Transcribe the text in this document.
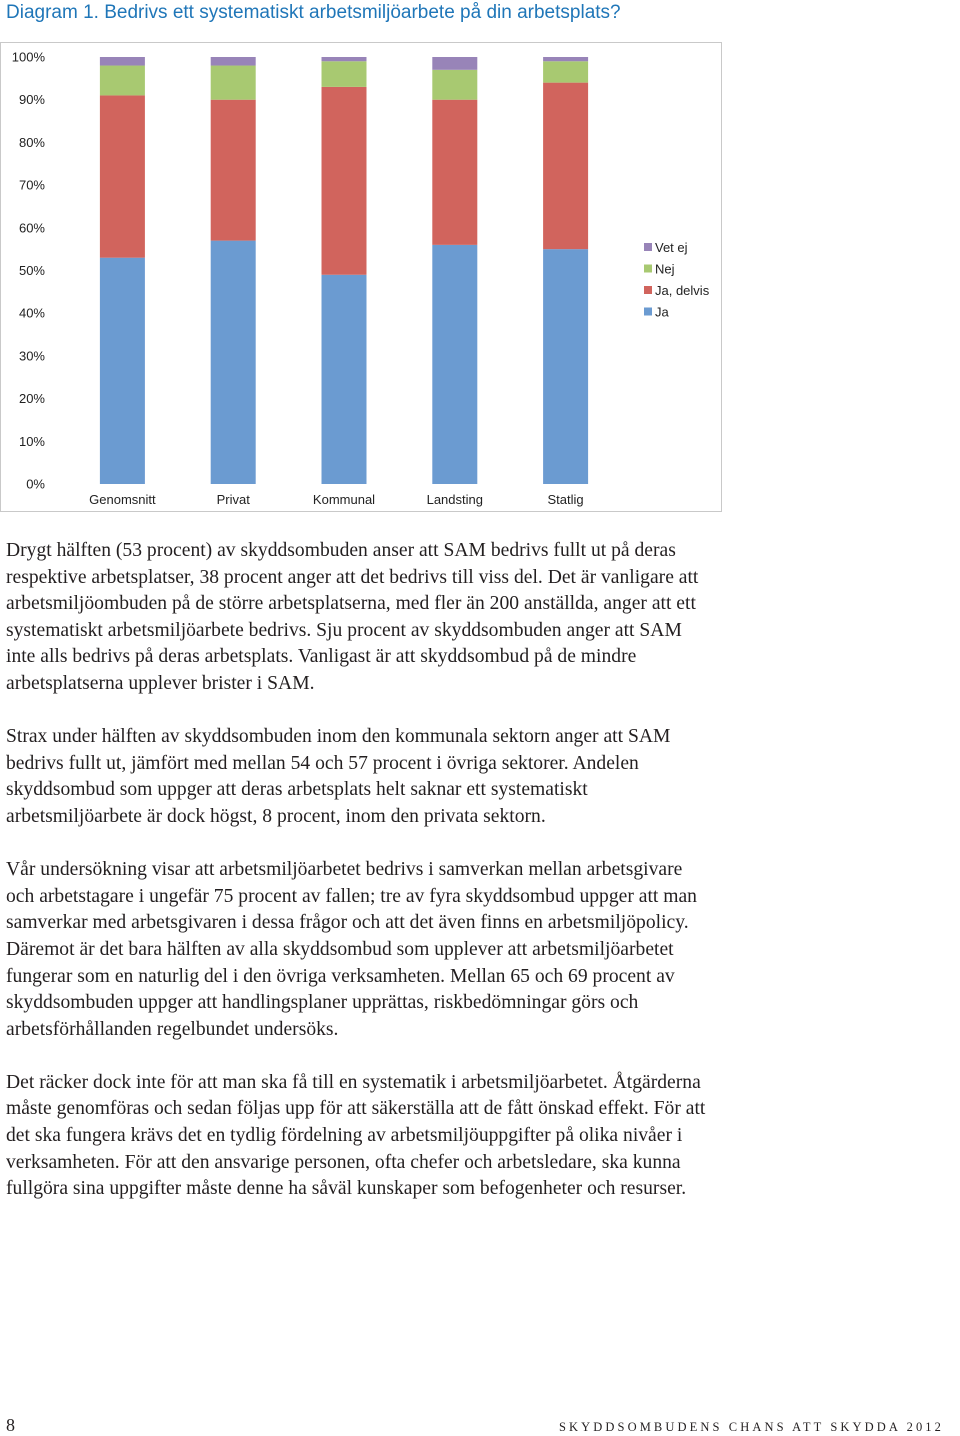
Diagram 1. Bedrivs ett systematiskt arbetsmiljöarbete på din arbetsplats?
0%
10%
20%
30%
40%
50%
60%
70%
80%
90%
100%
Genomsnitt	Privat	Kommunal	Landsting	Statlig
Vet ej
Nej
Ja, delvis
Ja

Drygt hälften (53 procent) av skyddsombuden anser att SAM bedrivs fullt ut på deras respektive arbetsplatser, 38 procent anger att det bedrivs till viss del. Det är vanligare att arbetsmiljöombuden på de större arbetsplatserna, med fler än 200 anställda, anger att ett systematiskt arbetsmiljöarbete bedrivs. Sju procent av skyddsombuden anger att SAM inte alls bedrivs på deras arbetsplats. Vanligast är att skyddsombud på de mindre arbetsplatserna upplever brister i SAM.

Strax under hälften av skyddsombuden inom den kommunala sektorn anger att SAM bedrivs fullt ut, jämfört med mellan 54 och 57 procent i övriga sektorer. Andelen skyddsombud som uppger att deras arbetsplats helt saknar ett systematiskt arbetsmiljöarbete är dock högst, 8 procent, inom den privata sektorn.

Vår undersökning visar att arbetsmiljöarbetet bedrivs i samverkan mellan arbetsgivare och arbetstagare i ungefär 75 procent av fallen; tre av fyra skyddsombud uppger att man samverkar med arbetsgivaren i dessa frågor och att det även finns en arbetsmiljöpolicy. Däremot är det bara hälften av alla skyddsombud som upplever att arbetsmiljöarbetet fungerar som en naturlig del i den övriga verksamheten. Mellan 65 och 69 procent av skyddsombuden uppger att handlingsplaner upprättas, riskbedömningar görs och arbetsförhållanden regelbundet undersöks.

Det räcker dock inte för att man ska få till en systematik i arbetsmiljöarbetet. Åtgärderna måste genomföras och sedan följas upp för att säkerställa att de fått önskad effekt. För att det ska fungera krävs det en tydlig fördelning av arbetsmiljöuppgifter på olika nivåer i verksamheten. För att den ansvarige personen, ofta chefer och arbetsledare, ska kunna fullgöra sina uppgifter måste denne ha såväl kunskaper som befogenheter och resurser.

8	SKYDDSOMBUDENS CHANS ATT SKYDDA 2012
